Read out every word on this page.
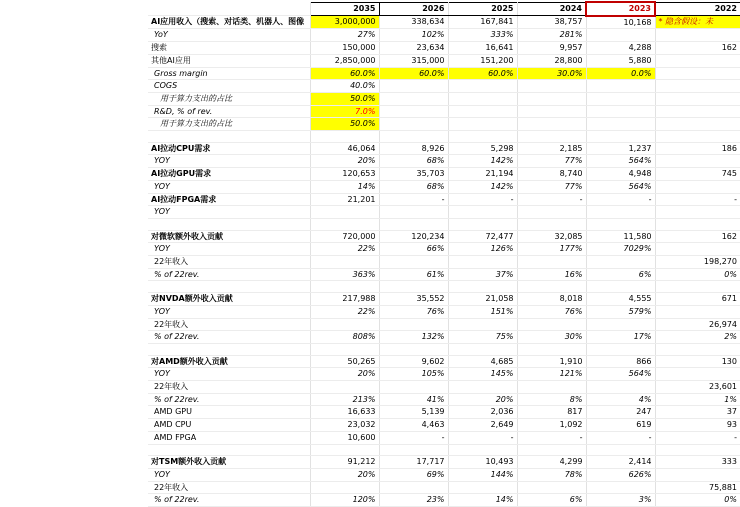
	2035	2026	2025	2024	2023	2022
AI应用收入（搜索、对话类、机器人、图像	3,000,000	338,634	167,841	38,757	10,168	* 隐含假设：未
YoY	27%	102%	333%	281%		
搜索	150,000	23,634	16,641	9,957	4,288	162
其他AI应用	2,850,000	315,000	151,200	28,800	5,880	
Gross margin	60.0%	60.0%	60.0%	30.0%	0.0%	
COGS	40.0%					
用于算力支出的占比	50.0%					
R&D, % of rev.	7.0%					
用于算力支出的占比	50.0%					

AI拉动CPU需求	46,064	8,926	5,298	2,185	1,237	186
YOY	20%	68%	142%	77%	564%	
AI拉动GPU需求	120,653	35,703	21,194	8,740	4,948	745
YOY	14%	68%	142%	77%	564%	
AI拉动FPGA需求	21,201	-	-	-	-	-
YOY						

对微软额外收入贡献	720,000	120,234	72,477	32,085	11,580	162
YOY	22%	66%	126%	177%	7029%	
22年收入						198,270
% of 22rev.	363%	61%	37%	16%	6%	0%

对NVDA额外收入贡献	217,988	35,552	21,058	8,018	4,555	671
YOY	22%	76%	151%	76%	579%	
22年收入						26,974
% of 22rev.	808%	132%	75%	30%	17%	2%

对AMD额外收入贡献	50,265	9,602	4,685	1,910	866	130
YOY	20%	105%	145%	121%	564%	
22年收入						23,601
% of 22rev.	213%	41%	20%	8%	4%	1%
AMD GPU	16,633	5,139	2,036	817	247	37
AMD CPU	23,032	4,463	2,649	1,092	619	93
AMD FPGA	10,600	-	-	-	-	-

对TSM额外收入贡献	91,212	17,717	10,493	4,299	2,414	333
YOY	20%	69%	144%	78%	626%	
22年收入						75,881
% of 22rev.	120%	23%	14%	6%	3%	0%
